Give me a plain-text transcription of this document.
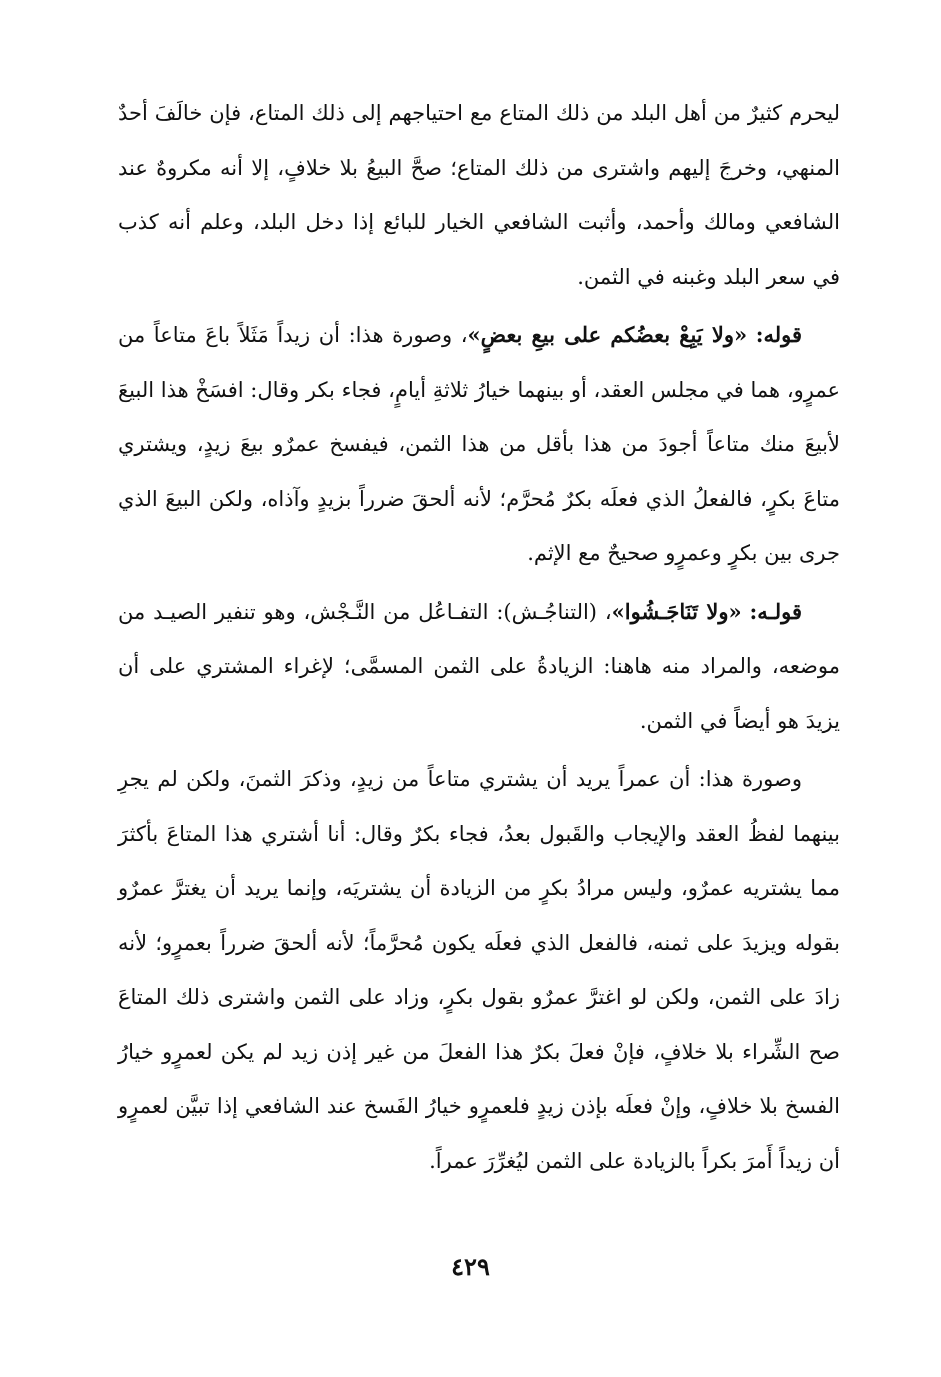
ليحرم كثيرٌ من أهل البلد من ذلك المتاع مع احتياجهم إلى ذلك المتاع، فإن خالَفَ أحدٌ المنهي، وخرجَ إليهم واشترى من ذلك المتاع؛ صحَّ البيعُ بلا خلافٍ، إلا أنه مكروهٌ عند الشافعي ومالك وأحمد، وأثبت الشافعي الخيار للبائع إذا دخل البلد، وعلم أنه كذب في سعر البلد وغبنه في الثمن.

قوله: «ولا يَبِعْ بعضُكم على بيعِ بعضٍ»، وصورة هذا: أن زيداً مَثَلاً باعَ متاعاً من عمرٍو، هما في مجلس العقد، أو بينهما خيارُ ثلاثةِ أيامٍ، فجاء بكر وقال: افسَخْ هذا البيعَ لأبيعَ منك متاعاً أجودَ من هذا بأقل من هذا الثمن، فيفسخ عمرٌو بيعَ زيدٍ، ويشتري متاعَ بكرٍ، فالفعلُ الذي فعلَه بكرٌ مُحرَّم؛ لأنه ألحقَ ضرراً بزيدٍ وآذاه، ولكن البيعَ الذي جرى بين بكرٍ وعمرٍو صحيحٌ مع الإثم.

قولـه: «ولا تَنَاجَـشُوا»، (التناجُـش): التفـاعُل من النَّـجْش، وهو تنفير الصيـد من موضعه، والمراد منه هاهنا: الزيادةُ على الثمن المسمَّى؛ لإغراء المشتري على أن يزيدَ هو أيضاً في الثمن.

وصورة هذا: أن عمراً يريد أن يشتري متاعاً من زيدٍ، وذكرَ الثمنَ، ولكن لم يجرِ بينهما لفظُ العقد والإيجاب والقَبول بعدُ، فجاء بكرٌ وقال: أنا أشتري هذا المتاعَ بأكثرَ مما يشتريه عمرٌو، وليس مرادُ بكرٍ من الزيادة أن يشتريَه، وإنما يريد أن يغترَّ عمرٌو بقوله ويزيدَ على ثمنه، فالفعل الذي فعلَه يكون مُحرَّماً؛ لأنه ألحقَ ضرراً بعمرٍو؛ لأنه زادَ على الثمن، ولكن لو اغترَّ عمرٌو بقول بكرٍ، وزاد على الثمن واشترى ذلك المتاعَ صح الشِّراء بلا خلافٍ، فإنْ فعلَ بكرٌ هذا الفعلَ من غير إذن زيد لم يكن لعمرٍو خيارُ الفسخ بلا خلافٍ، وإنْ فعلَه بإذن زيدٍ فلعمرٍو خيارُ الفَسخ عند الشافعي إذا تبيَّن لعمرٍو أن زيداً أَمرَ بكراً بالزيادة على الثمن ليُغرِّرَ عمراً.

٤٢٩
